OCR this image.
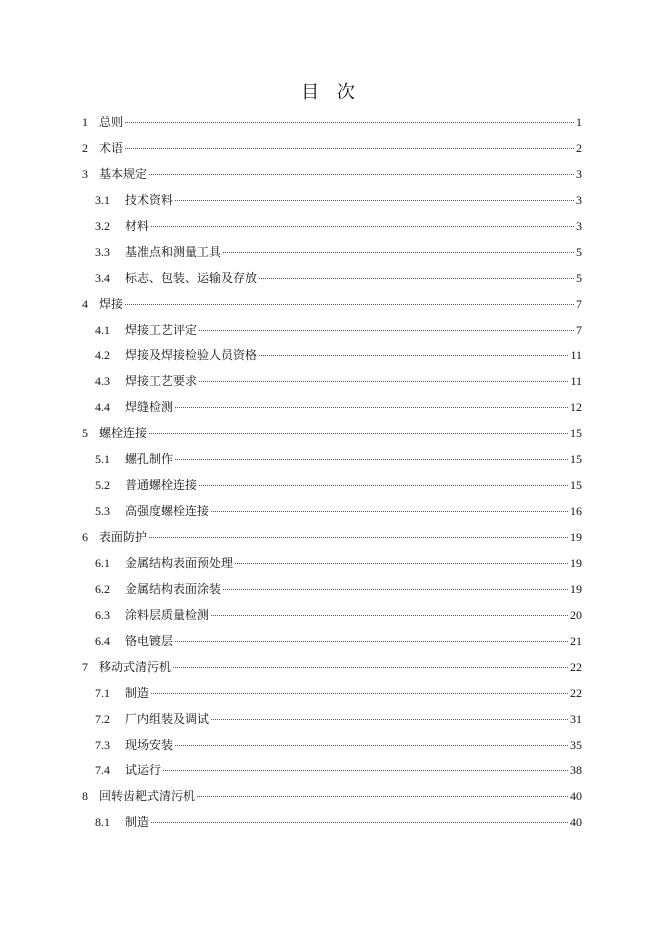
目 次
1 总则	1
2 术语	2
3 基本规定	3
3.1	技术资料	3
3.2	材料	3
3.3	基准点和测量工具	5
3.4	标志、包装、运输及存放	5
4 焊接	7
4.1	焊接工艺评定	7
4.2	焊接及焊接检验人员资格	11
4.3	焊接工艺要求	11
4.4	焊缝检测	12
5 螺栓连接	15
5.1	螺孔制作	15
5.2	普通螺栓连接	15
5.3	高强度螺栓连接	16
6 表面防护	19
6.1	金属结构表面预处理	19
6.2	金属结构表面涂装	19
6.3	涂料层质量检测	20
6.4	铬电镀层	21
7 移动式清污机	22
7.1	制造	22
7.2	厂内组装及调试	31
7.3	现场安装	35
7.4	试运行	38
8 回转齿耙式清污机	40
8.1	制造	40
